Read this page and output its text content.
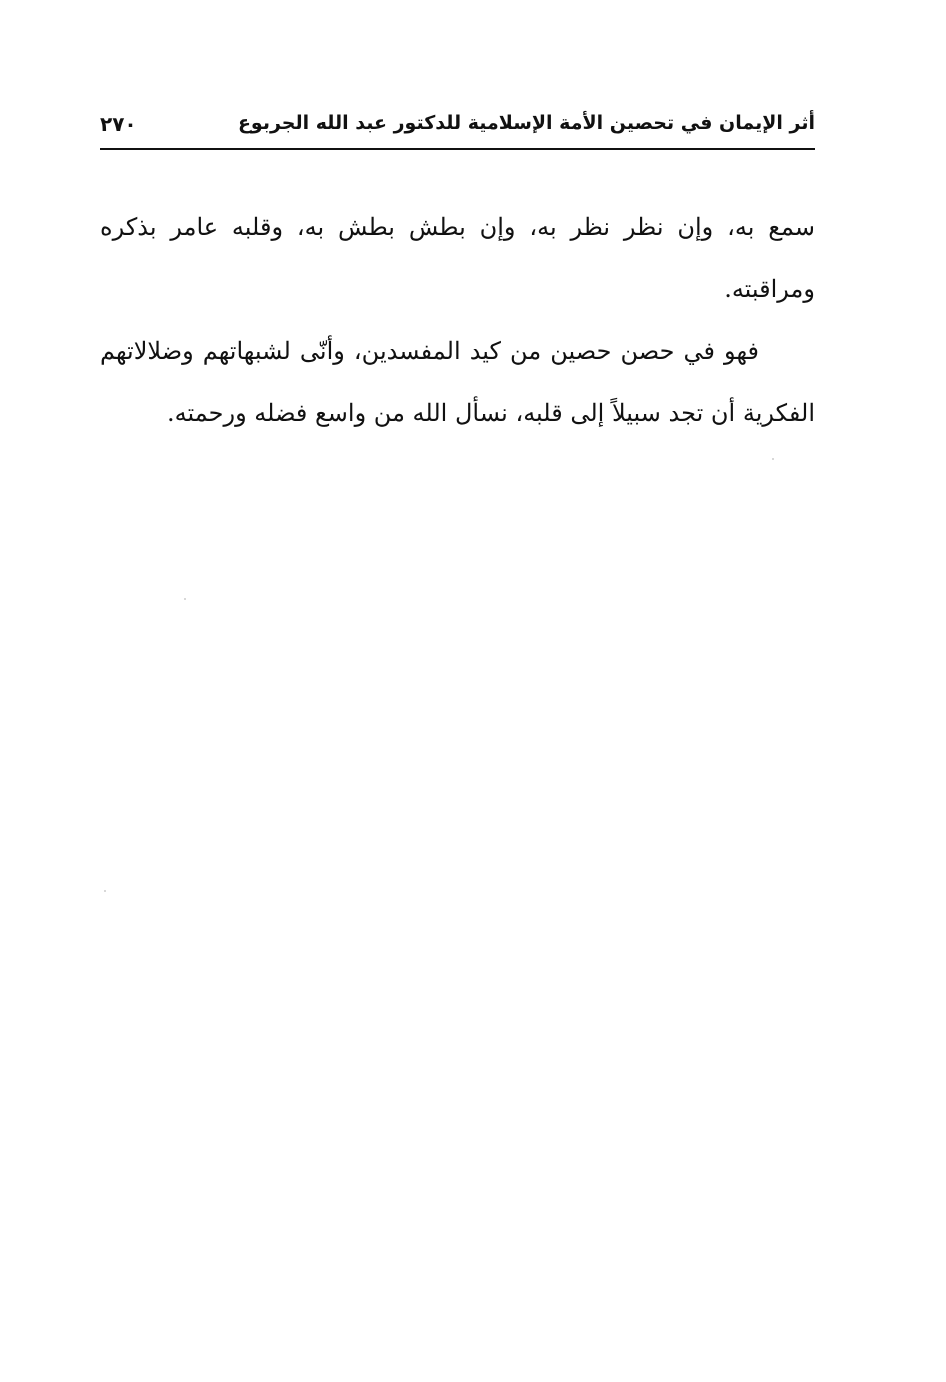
أثر الإيمان في تحصين الأمة الإسلامية للدكتور عبد الله الجربوع
٢٧٠

سمع به، وإن نظر نظر به، وإن بطش بطش به، وقلبه عامر بذكره ومراقبته.

فهو في حصن حصين من كيد المفسدين، وأنّى لشبهاتهم وضلالاتهم الفكرية أن تجد سبيلاً إلى قلبه، نسأل الله من واسع فضله ورحمته.
